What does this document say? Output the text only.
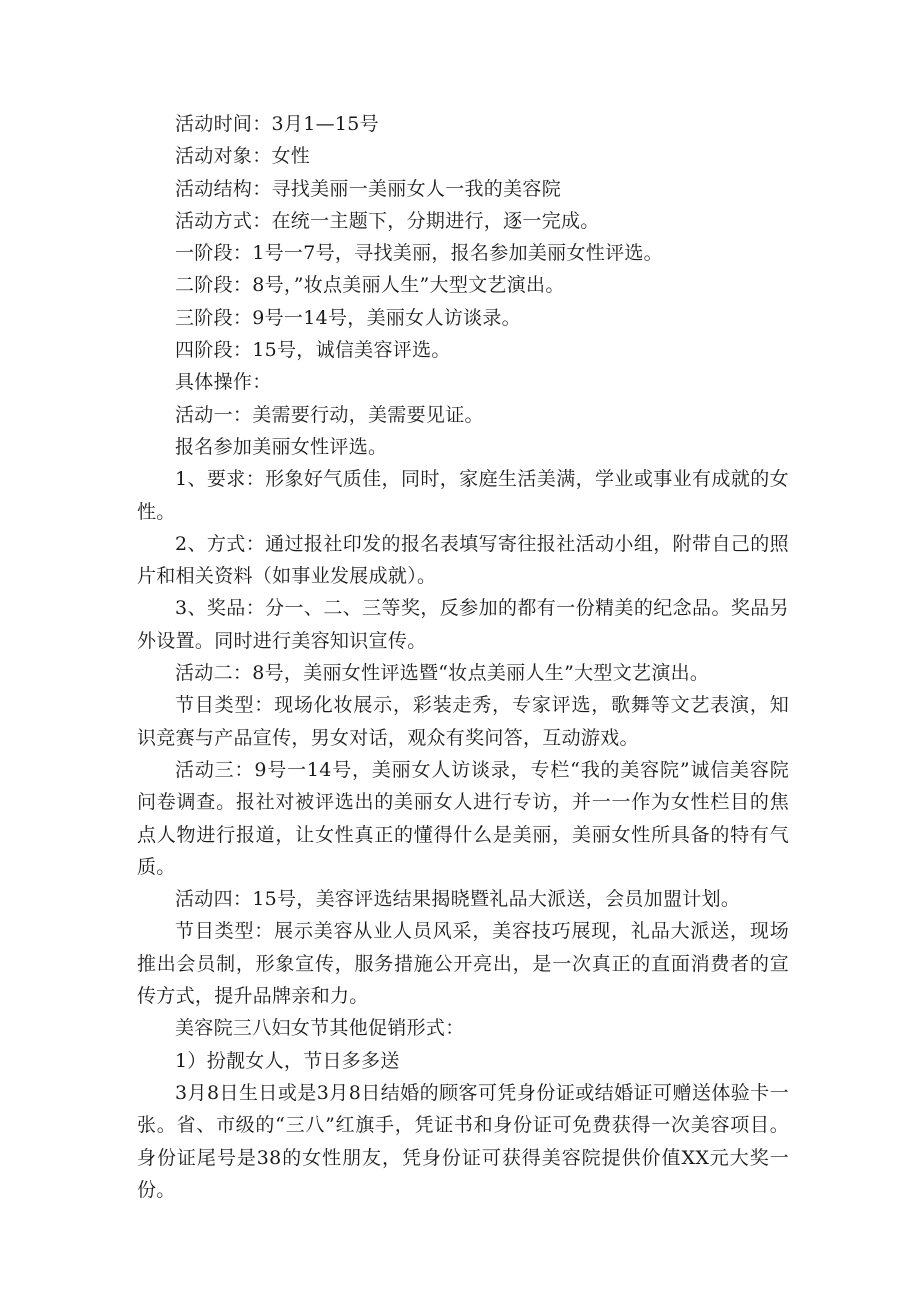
活动时间：3月1—15号

活动对象：女性

活动结构：寻找美丽一美丽女人一我的美容院

活动方式：在统一主题下，分期进行，逐一完成。

一阶段：1号一7号，寻找美丽，报名参加美丽女性评选。

二阶段：8号，”妆点美丽人生”大型文艺演出。

三阶段：9号一14号，美丽女人访谈录。

四阶段：15号，诚信美容评选。

具体操作：

活动一：美需要行动，美需要见证。

报名参加美丽女性评选。

1、要求：形象好气质佳，同时，家庭生活美满，学业或事业有成就的女性。

2、方式：通过报社印发的报名表填写寄往报社活动小组，附带自己的照片和相关资料（如事业发展成就）。

3、奖品：分一、二、三等奖，反参加的都有一份精美的纪念品。奖品另外设置。同时进行美容知识宣传。

活动二：8号，美丽女性评选暨“妆点美丽人生”大型文艺演出。

节目类型：现场化妆展示，彩装走秀，专家评选，歌舞等文艺表演，知识竞赛与产品宣传，男女对话，观众有奖问答，互动游戏。

活动三：9号一14号，美丽女人访谈录，专栏“我的美容院”诚信美容院问卷调查。报社对被评选出的美丽女人进行专访，并一一作为女性栏目的焦点人物进行报道，让女性真正的懂得什么是美丽，美丽女性所具备的特有气质。

活动四：15号，美容评选结果揭晓暨礼品大派送，会员加盟计划。

节目类型：展示美容从业人员风采，美容技巧展现，礼品大派送，现场推出会员制，形象宣传，服务措施公开亮出，是一次真正的直面消费者的宣传方式，提升品牌亲和力。

美容院三八妇女节其他促销形式：

1）扮靓女人，节日多多送

3月8日生日或是3月8日结婚的顾客可凭身份证或结婚证可赠送体验卡一张。省、市级的“三八”红旗手，凭证书和身份证可免费获得一次美容项目。身份证尾号是38的女性朋友，凭身份证可获得美容院提供价值XX元大奖一份。
